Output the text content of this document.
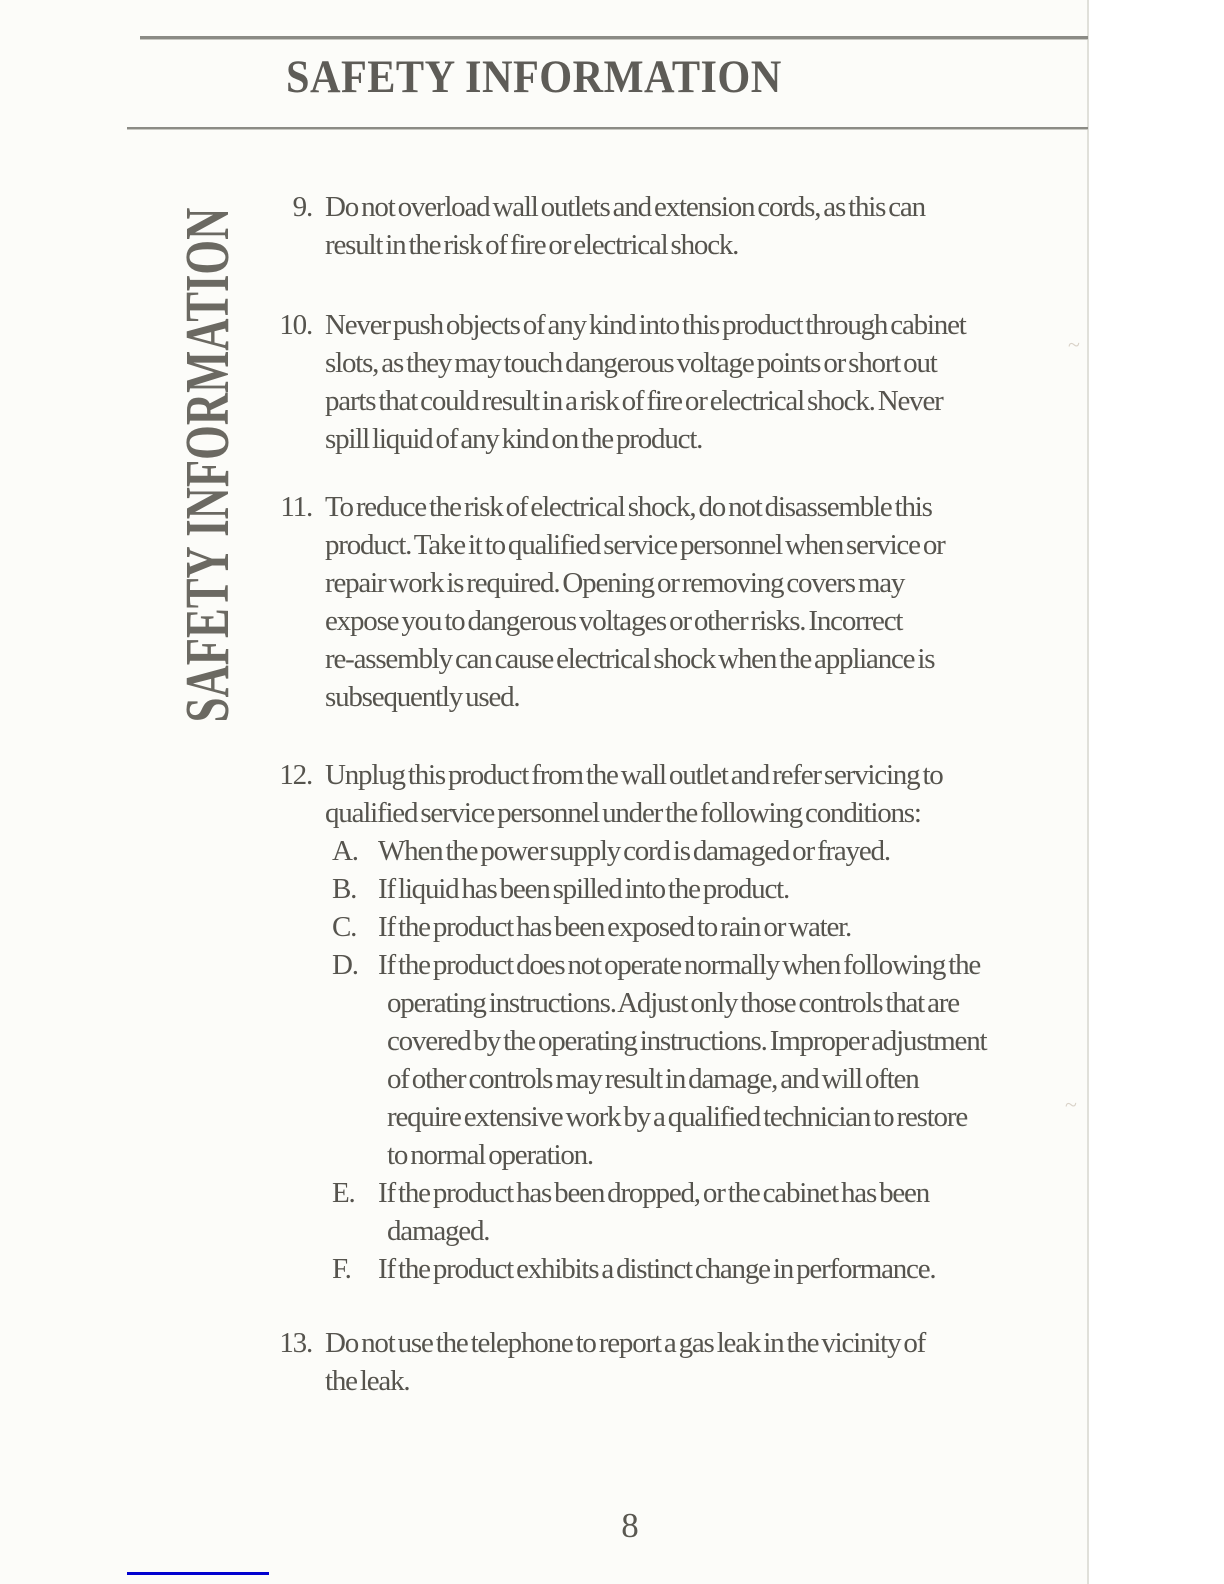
SAFETY INFORMATION
SAFETY INFORMATION
9. Do not overload wall outlets and extension cords, as this can
result in the risk of fire or electrical shock.
10. Never push objects of any kind into this product through cabinet
slots, as they may touch dangerous voltage points or short out
parts that could result in a risk of fire or electrical shock. Never
spill liquid of any kind on the product.
11. To reduce the risk of electrical shock, do not disassemble this
product. Take it to qualified service personnel when service or
repair work is required. Opening or removing covers may
expose you to dangerous voltages or other risks. Incorrect
re-assembly can cause electrical shock when the appliance is
subsequently used.
12. Unplug this product from the wall outlet and refer servicing to
qualified service personnel under the following conditions:
A. When the power supply cord is damaged or frayed.
B. If liquid has been spilled into the product.
C. If the product has been exposed to rain or water.
D. If the product does not operate normally when following the
operating instructions. Adjust only those controls that are
covered by the operating instructions. Improper adjustment
of other controls may result in damage, and will often
require extensive work by a qualified technician to restore
to normal operation.
E. If the product has been dropped, or the cabinet has been
damaged.
F. If the product exhibits a distinct change in performance.
13. Do not use the telephone to report a gas leak in the vicinity of
the leak.
~
~
8
